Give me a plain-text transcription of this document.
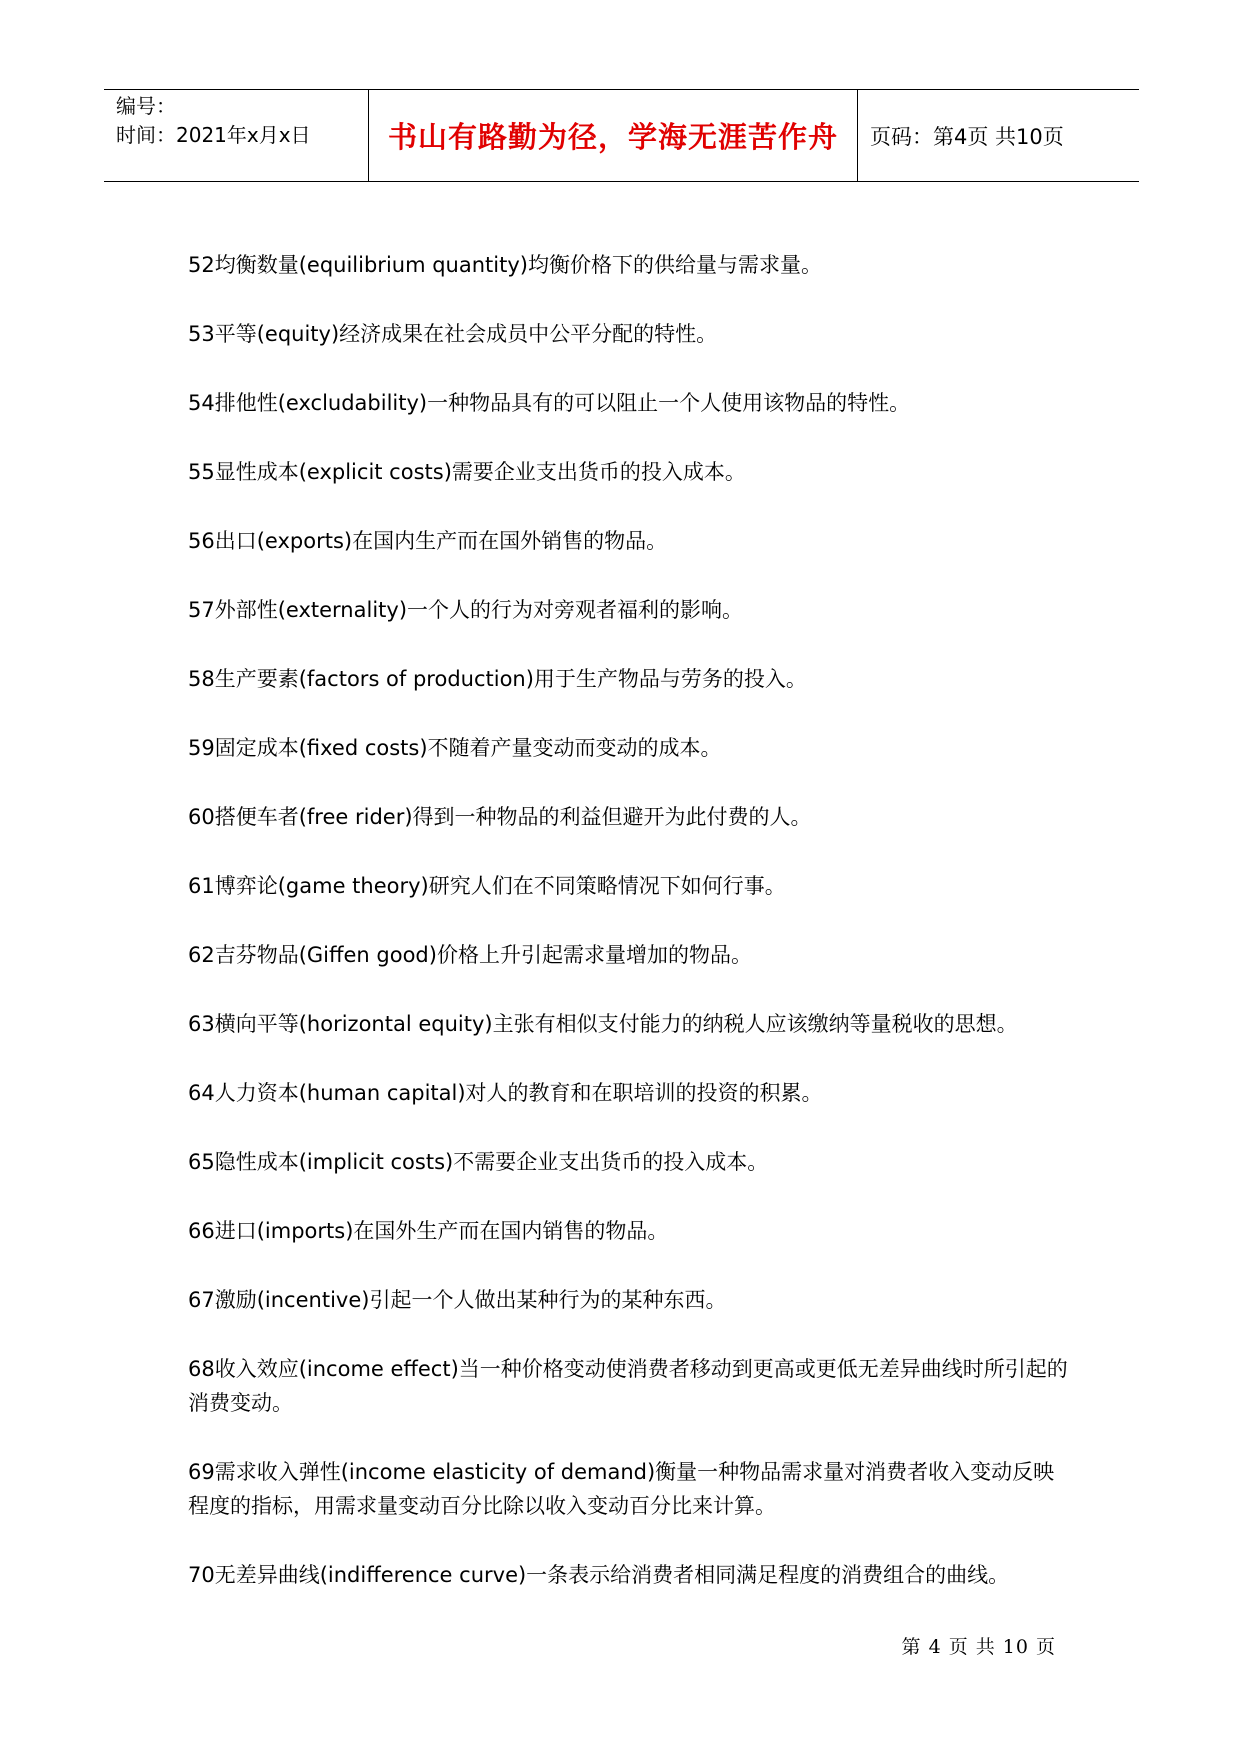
编号：
时间：2021年x月x日	书山有路勤为径，学海无涯苦作舟 页码：第4页 共10页

52均衡数量(equilibrium quantity)均衡价格下的供给量与需求量。

53平等(equity)经济成果在社会成员中公平分配的特性。

54排他性(excludability)一种物品具有的可以阻止一个人使用该物品的特性。

55显性成本(explicit costs)需要企业支出货币的投入成本。

56出口(exports)在国内生产而在国外销售的物品。

57外部性(externality)一个人的行为对旁观者福利的影响。

58生产要素(factors of production)用于生产物品与劳务的投入。

59固定成本(fixed costs)不随着产量变动而变动的成本。

60搭便车者(free rider)得到一种物品的利益但避开为此付费的人。

61博弈论(game theory)研究人们在不同策略情况下如何行事。

62吉芬物品(Giffen good)价格上升引起需求量增加的物品。

63横向平等(horizontal equity)主张有相似支付能力的纳税人应该缴纳等量税收的思想。

64人力资本(human capital)对人的教育和在职培训的投资的积累。

65隐性成本(implicit costs)不需要企业支出货币的投入成本。

66进口(imports)在国外生产而在国内销售的物品。

67激励(incentive)引起一个人做出某种行为的某种东西。

68收入效应(income effect)当一种价格变动使消费者移动到更高或更低无差异曲线时所引起的消费变动。

69需求收入弹性(income elasticity of demand)衡量一种物品需求量对消费者收入变动反映程度的指标，用需求量变动百分比除以收入变动百分比来计算。

70无差异曲线(indifference curve)一条表示给消费者相同满足程度的消费组合的曲线。

第 4 页 共 10 页
